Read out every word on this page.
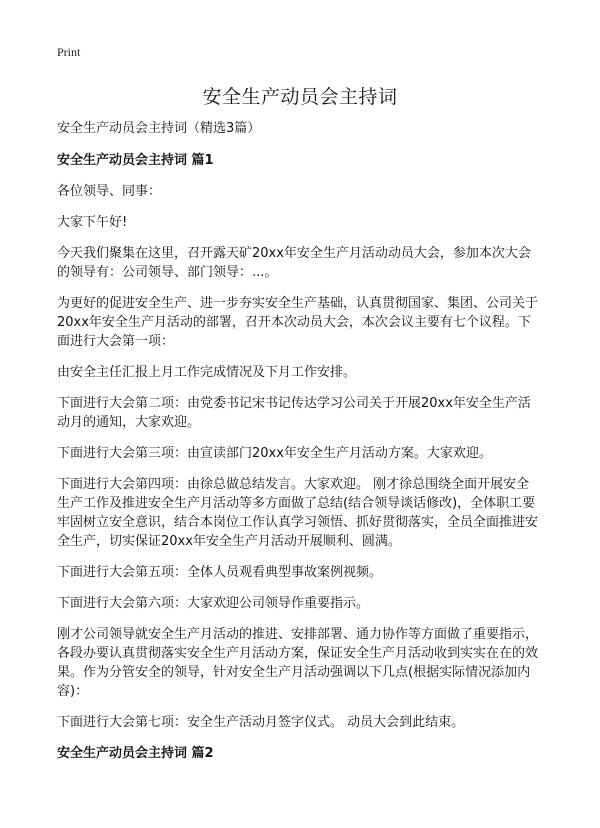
Print
安全生产动员会主持词

安全生产动员会主持词（精选3篇）

安全生产动员会主持词 篇1

各位领导、同事：

大家下午好!

今天我们聚集在这里，召开露天矿20xx年安全生产月活动动员大会，参加本次大会的领导有：公司领导、部门领导：...。

为更好的促进安全生产、进一步夯实安全生产基础，认真贯彻国家、集团、公司关于20xx年安全生产月活动的部署，召开本次动员大会，本次会议主要有七个议程。下面进行大会第一项：

由安全主任汇报上月工作完成情况及下月工作安排。

下面进行大会第二项：由党委书记宋书记传达学习公司关于开展20xx年安全生产活动月的通知，大家欢迎。

下面进行大会第三项：由宣读部门20xx年安全生产月活动方案。大家欢迎。

下面进行大会第四项：由徐总做总结发言。大家欢迎。 刚才徐总围绕全面开展安全生产工作及推进安全生产月活动等多方面做了总结(结合领导谈话修改)，全体职工要牢固树立安全意识，结合本岗位工作认真学习领悟、抓好贯彻落实，全员全面推进安全生产，切实保证20xx年安全生产月活动开展顺利、圆满。

下面进行大会第五项：全体人员观看典型事故案例视频。

下面进行大会第六项：大家欢迎公司领导作重要指示。

刚才公司领导就安全生产月活动的推进、安排部署、通力协作等方面做了重要指示，各段办要认真贯彻落实安全生产月活动方案，保证安全生产月活动收到实实在在的效果。作为分管安全的领导，针对安全生产月活动强调以下几点(根据实际情况添加内容)：

下面进行大会第七项：安全生产活动月签字仪式。 动员大会到此结束。

安全生产动员会主持词 篇2
